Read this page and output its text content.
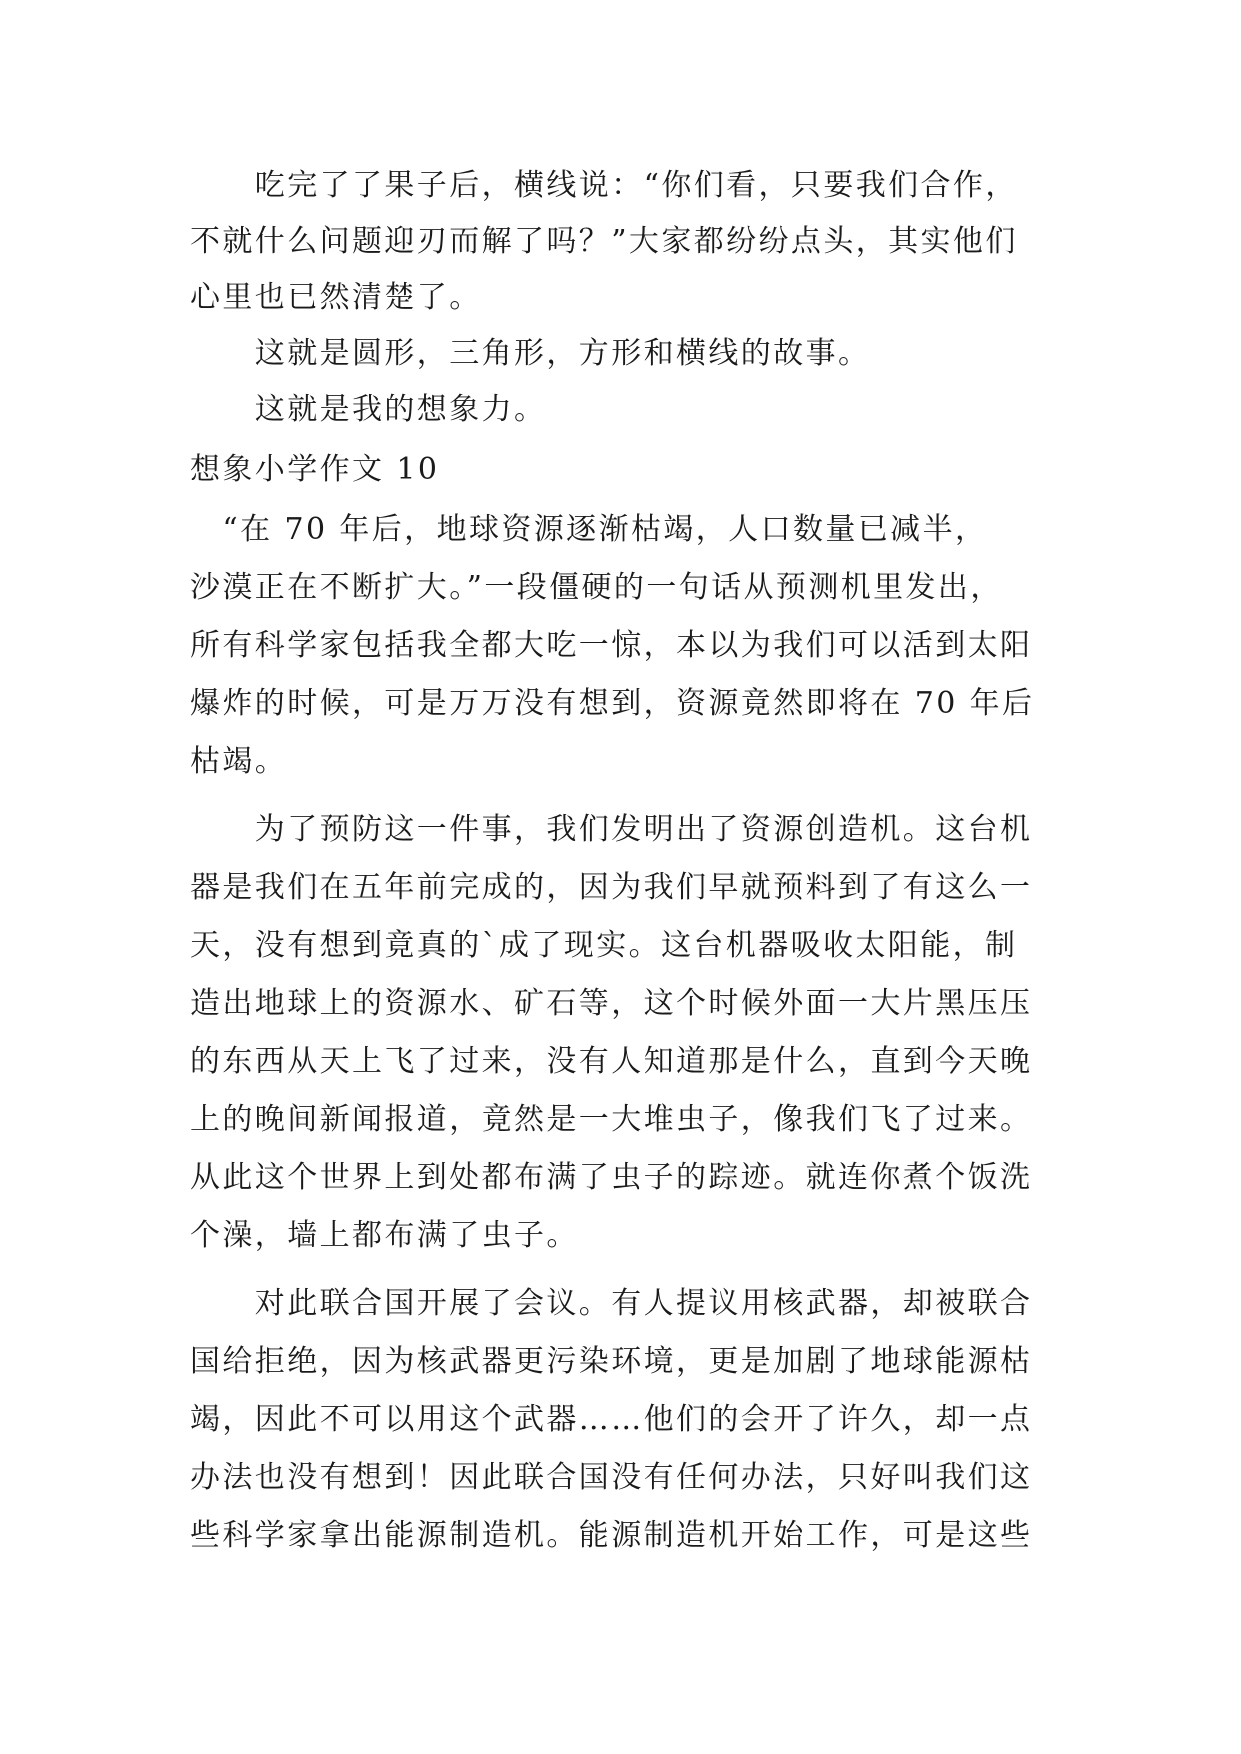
　　吃完了了果子后，横线说：“你们看，只要我们合作，
不就什么问题迎刃而解了吗？”大家都纷纷点头，其实他们
心里也已然清楚了。
　　这就是圆形，三角形，方形和横线的故事。
　　这就是我的想象力。
想象小学作文 10
　“在 70 年后，地球资源逐渐枯竭，人口数量已减半，
沙漠正在不断扩大。”一段僵硬的一句话从预测机里发出，
所有科学家包括我全都大吃一惊，本以为我们可以活到太阳
爆炸的时候，可是万万没有想到，资源竟然即将在 70 年后
枯竭。
　　为了预防这一件事，我们发明出了资源创造机。这台机
器是我们在五年前完成的，因为我们早就预料到了有这么一
天，没有想到竟真的`成了现实。这台机器吸收太阳能，制
造出地球上的资源水、矿石等，这个时候外面一大片黑压压
的东西从天上飞了过来，没有人知道那是什么，直到今天晚
上的晚间新闻报道，竟然是一大堆虫子，像我们飞了过来。
从此这个世界上到处都布满了虫子的踪迹。就连你煮个饭洗
个澡，墙上都布满了虫子。
　　对此联合国开展了会议。有人提议用核武器，却被联合
国给拒绝，因为核武器更污染环境，更是加剧了地球能源枯
竭，因此不可以用这个武器……他们的会开了许久，却一点
办法也没有想到！因此联合国没有任何办法，只好叫我们这
些科学家拿出能源制造机。能源制造机开始工作，可是这些
